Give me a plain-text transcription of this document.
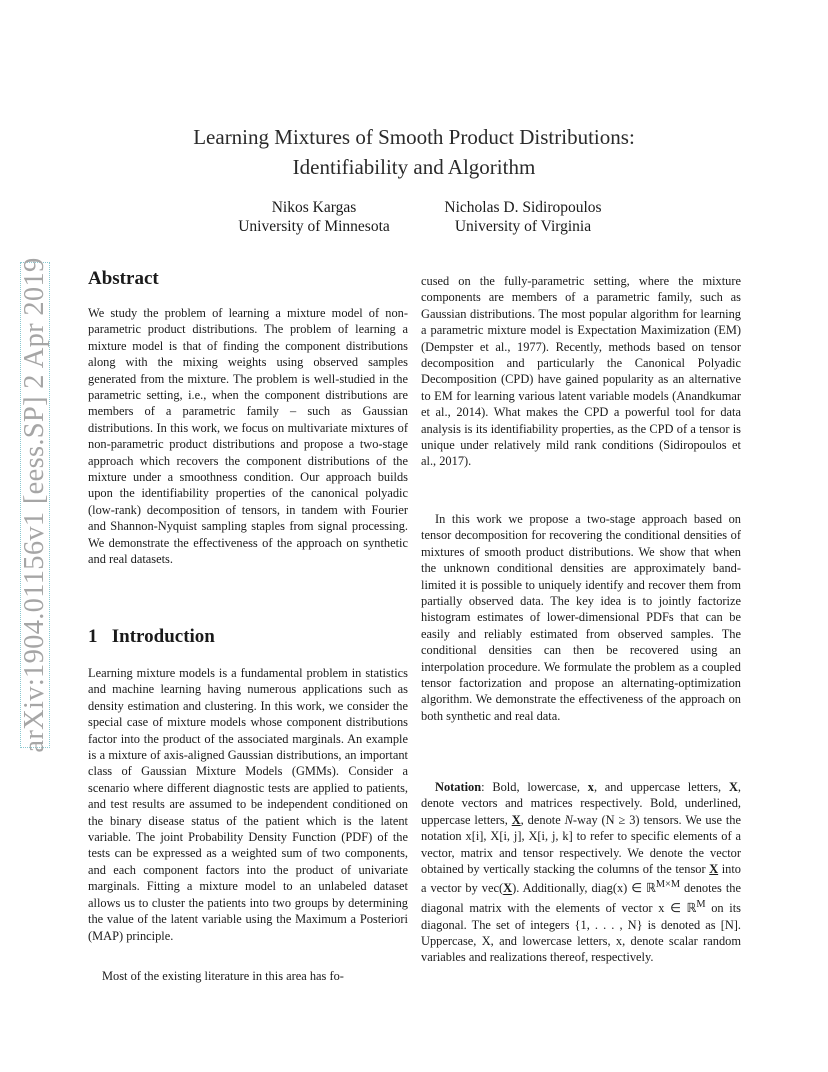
arXiv:1904.01156v1 [eess.SP] 2 Apr 2019
Learning Mixtures of Smooth Product Distributions:
Identifiability and Algorithm
Nikos Kargas
University of Minnesota
Nicholas D. Sidiropoulos
University of Virginia
Abstract
We study the problem of learning a mixture model of non-parametric product distributions. The problem of learning a mixture model is that of finding the component distributions along with the mixing weights using observed samples generated from the mixture. The problem is well-studied in the parametric setting, i.e., when the component distributions are members of a parametric family – such as Gaussian distributions. In this work, we focus on multivariate mixtures of non-parametric product distributions and propose a two-stage approach which recovers the component distributions of the mixture under a smoothness condition. Our approach builds upon the identifiability properties of the canonical polyadic (low-rank) decomposition of tensors, in tandem with Fourier and Shannon-Nyquist sampling staples from signal processing. We demonstrate the effectiveness of the approach on synthetic and real datasets.
1 Introduction
Learning mixture models is a fundamental problem in statistics and machine learning having numerous applications such as density estimation and clustering. In this work, we consider the special case of mixture models whose component distributions factor into the product of the associated marginals. An example is a mixture of axis-aligned Gaussian distributions, an important class of Gaussian Mixture Models (GMMs). Consider a scenario where different diagnostic tests are applied to patients, and test results are assumed to be independent conditioned on the binary disease status of the patient which is the latent variable. The joint Probability Density Function (PDF) of the tests can be expressed as a weighted sum of two components, and each component factors into the product of univariate marginals. Fitting a mixture model to an unlabeled dataset allows us to cluster the patients into two groups by determining the value of the latent variable using the Maximum a Posteriori (MAP) principle.
Most of the existing literature in this area has fo-
cused on the fully-parametric setting, where the mixture components are members of a parametric family, such as Gaussian distributions. The most popular algorithm for learning a parametric mixture model is Expectation Maximization (EM) (Dempster et al., 1977). Recently, methods based on tensor decomposition and particularly the Canonical Polyadic Decomposition (CPD) have gained popularity as an alternative to EM for learning various latent variable models (Anandkumar et al., 2014). What makes the CPD a powerful tool for data analysis is its identifiability properties, as the CPD of a tensor is unique under relatively mild rank conditions (Sidiropoulos et al., 2017).
In this work we propose a two-stage approach based on tensor decomposition for recovering the conditional densities of mixtures of smooth product distributions. We show that when the unknown conditional densities are approximately band-limited it is possible to uniquely identify and recover them from partially observed data. The key idea is to jointly factorize histogram estimates of lower-dimensional PDFs that can be easily and reliably estimated from observed samples. The conditional densities can then be recovered using an interpolation procedure. We formulate the problem as a coupled tensor factorization and propose an alternating-optimization algorithm. We demonstrate the effectiveness of the approach on both synthetic and real data.
Notation: Bold, lowercase, x, and uppercase letters, X, denote vectors and matrices respectively. Bold, underlined, uppercase letters, X, denote N-way (N ≥ 3) tensors. We use the notation x[i], X[i, j], X[i, j, k] to refer to specific elements of a vector, matrix and tensor respectively. We denote the vector obtained by vertically stacking the columns of the tensor X into a vector by vec(X). Additionally, diag(x) ∈ ℝ$^{M\times M}$ denotes the diagonal matrix with the elements of vector x ∈ ℝ$^M$ on its diagonal. The set of integers {1, . . . , N} is denoted as [N]. Uppercase, X, and lowercase letters, x, denote scalar random variables and realizations thereof, respectively.
